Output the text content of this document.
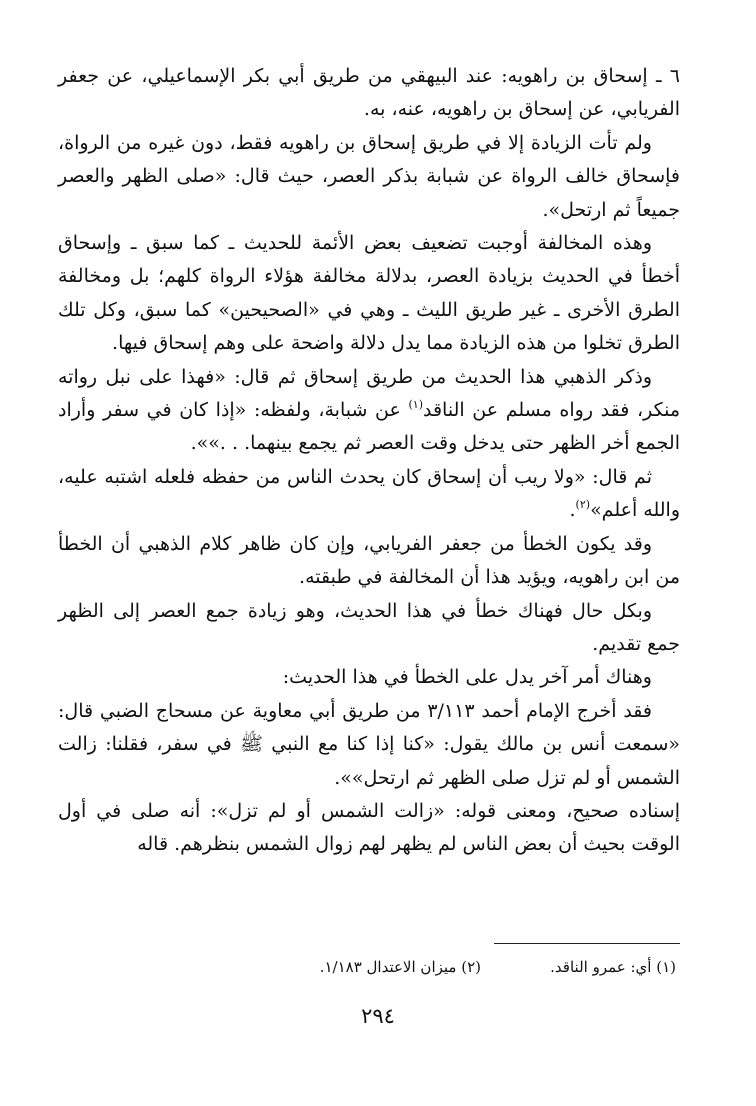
٦ ـ إسحاق بن راهويه: عند البيهقي من طريق أبي بكر الإسماعيلي، عن جعفر الفريابي، عن إسحاق بن راهويه، عنه، به.

ولم تأت الزيادة إلا في طريق إسحاق بن راهويه فقط، دون غيره من الرواة، فإسحاق خالف الرواة عن شبابة بذكر العصر، حيث قال: «صلى الظهر والعصر جميعاً ثم ارتحل».

وهذه المخالفة أوجبت تضعيف بعض الأئمة للحديث ـ كما سبق ـ وإسحاق أخطأ في الحديث بزيادة العصر، بدلالة مخالفة هؤلاء الرواة كلهم؛ بل ومخالفة الطرق الأخرى ـ غير طريق الليث ـ وهي في «الصحيحين» كما سبق، وكل تلك الطرق تخلوا من هذه الزيادة مما يدل دلالة واضحة على وهم إسحاق فيها.

وذكر الذهبي هذا الحديث من طريق إسحاق ثم قال: «فهذا على نبل رواته منكر، فقد رواه مسلم عن الناقد$^{(١)}$ عن شبابة، ولفظه: «إذا كان في سفر وأراد الجمع أخر الظهر حتى يدخل وقت العصر ثم يجمع بينهما. . .»».

ثم قال: «ولا ريب أن إسحاق كان يحدث الناس من حفظه فلعله اشتبه عليه، والله أعلم»$^{(٢)}$.

وقد يكون الخطأ من جعفر الفريابي، وإن كان ظاهر كلام الذهبي أن الخطأ من ابن راهويه، ويؤيد هذا أن المخالفة في طبقته.

وبكل حال فهناك خطأ في هذا الحديث، وهو زيادة جمع العصر إلى الظهر جمع تقديم.

وهناك أمر آخر يدل على الخطأ في هذا الحديث:

فقد أخرج الإمام أحمد ٣/١١٣ من طريق أبي معاوية عن مسحاج الضبي قال: «سمعت أنس بن مالك يقول: «كنا إذا كنا مع النبي ﷺ في سفر، فقلنا: زالت الشمس أو لم تزل صلى الظهر ثم ارتحل»».

إسناده صحيح، ومعنى قوله: «زالت الشمس أو لم تزل»: أنه صلى في أول الوقت بحيث أن بعض الناس لم يظهر لهم زوال الشمس بنظرهم. قاله

(١) أي: عمرو الناقد.
(٢) ميزان الاعتدال ١/١٨٣.
٢٩٤
